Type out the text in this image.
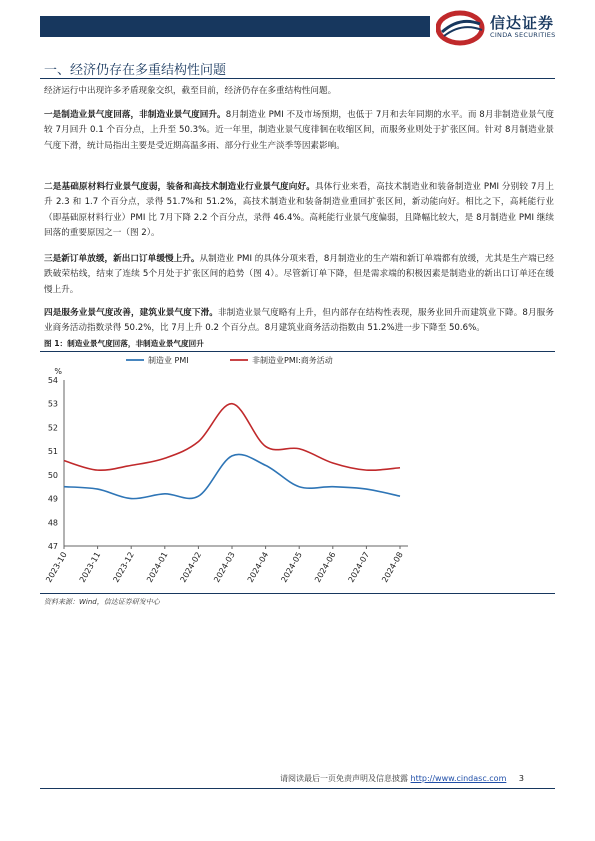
信达证券
CINDA SECURITIES
一、经济仍存在多重结构性问题
经济运行中出现许多矛盾现象交织，截至目前，经济仍存在多重结构性问题。
一是制造业景气度回落，非制造业景气度回升。8月制造业 PMI 不及市场预期，也低于 7月和去年同期的水平。而 8月非制造业景气度较 7月回升 0.1 个百分点，上升至 50.3%。近一年里，制造业景气度徘徊在收缩区间，而服务业则处于扩张区间。针对 8月制造业景气度下滑，统计局指出主要是受近期高温多雨、部分行业生产淡季等因素影响。
二是基础原材料行业景气度弱，装备和高技术制造业行业景气度向好。具体行业来看，高技术制造业和装备制造业 PMI 分别较 7月上升 2.3 和 1.7 个百分点，录得 51.7%和 51.2%，高技术制造业和装备制造业重回扩张区间，新动能向好。相比之下，高耗能行业（即基础原材料行业）PMI 比 7月下降 2.2 个百分点，录得 46.4%。高耗能行业景气度偏弱，且降幅比较大，是 8月制造业 PMI 继续回落的重要原因之一（图 2）。
三是新订单放缓，新出口订单缓慢上升。从制造业 PMI 的具体分项来看，8月制造业的生产端和新订单端都有放缓，尤其是生产端已经跌破荣枯线，结束了连续 5个月处于扩张区间的趋势（图 4）。尽管新订单下降，但是需求端的积极因素是制造业的新出口订单还在缓慢上升。
四是服务业景气度改善，建筑业景气度下滑。非制造业景气度略有上升，但内部存在结构性表现，服务业回升而建筑业下降。8月服务业商务活动指数录得 50.2%，比 7月上升 0.2 个百分点。8月建筑业商务活动指数由 51.2%进一步下降至 50.6%。
图 1：制造业景气度回落，非制造业景气度回升
%
47
48
49
50
51
52
53
54
2023-10 2023-11 2023-12 2024-01 2024-02 2024-03 2024-04 2024-05 2024-06 2024-07 2024-08
制造业 PMI	非制造业PMI:商务活动
资料来源：Wind，信达证券研发中心
请阅读最后一页免责声明及信息披露 http://www.cindasc.com 3
